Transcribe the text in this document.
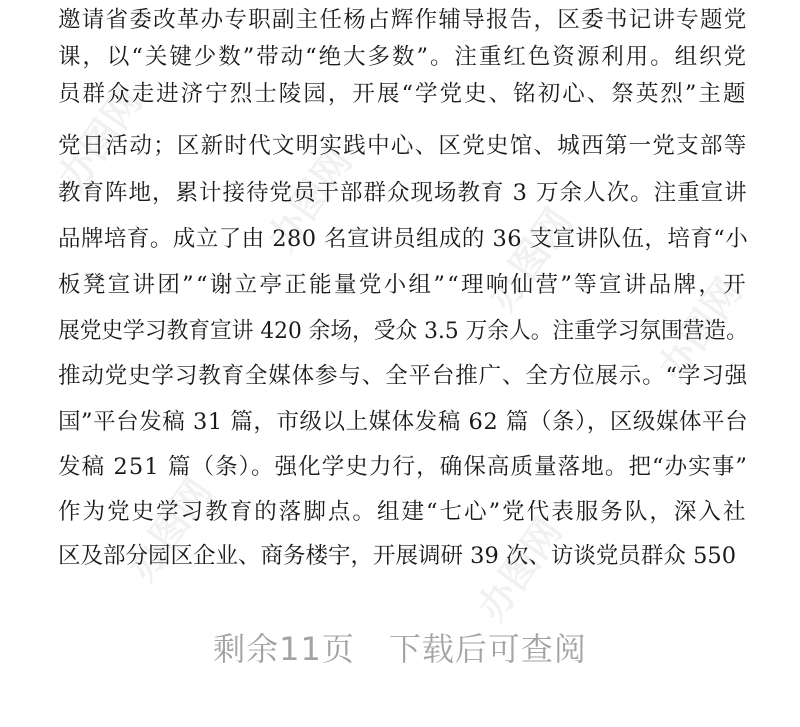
办图网
办图网
办图网
办图网
办图网	办图网
邀请省委改革办专职副主任杨占辉作辅导报告，区委书记讲专题党
课，以“关键少数”带动“绝大多数”。注重红色资源利用。组织党
员群众走进济宁烈士陵园，开展“学党史、铭初心、祭英烈”主题
党日活动；区新时代文明实践中心、区党史馆、城西第一党支部等
教育阵地，累计接待党员干部群众现场教育 3 万余人次。注重宣讲
品牌培育。成立了由 280 名宣讲员组成的 36 支宣讲队伍，培育“小
板凳宣讲团”“谢立亭正能量党小组”“理响仙营”等宣讲品牌，开
展党史学习教育宣讲 420 余场，受众 3.5 万余人。注重学习氛围营造。
推动党史学习教育全媒体参与、全平台推广、全方位展示。“学习强
国”平台发稿 31 篇，市级以上媒体发稿 62 篇（条），区级媒体平台
发稿 251 篇（条）。强化学史力行，确保高质量落地。把“办实事”
作为党史学习教育的落脚点。组建“七心”党代表服务队，深入社
区及部分园区企业、商务楼宇，开展调研 39 次、访谈党员群众 550
剩余11页 下载后可查阅
